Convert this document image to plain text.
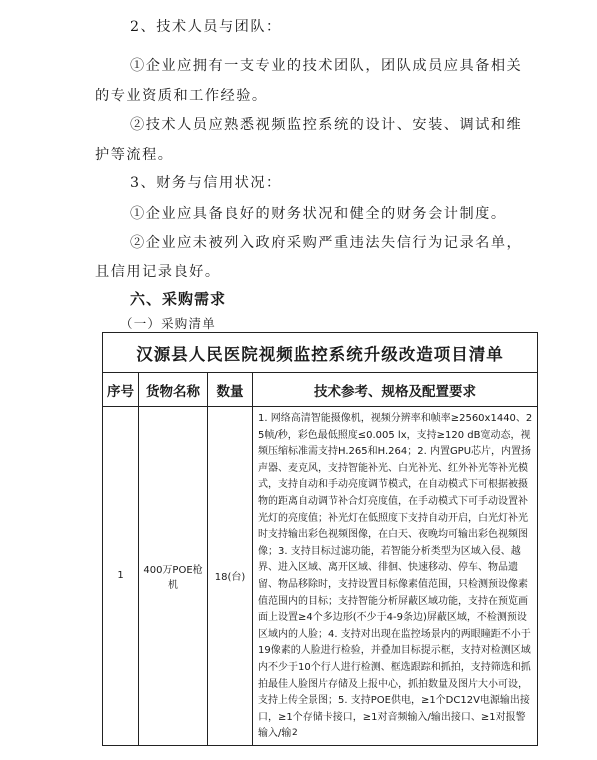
2、技术人员与团队：
①企业应拥有一支专业的技术团队，团队成员应具备相关
的专业资质和工作经验。
②技术人员应熟悉视频监控系统的设计、安装、调试和维
护等流程。
3、财务与信用状况：
①企业应具备良好的财务状况和健全的财务会计制度。
②企业应未被列入政府采购严重违法失信行为记录名单，
且信用记录良好。
六、采购需求
（一）采购清单
汉源县人民医院视频监控系统升级改造项目清单			
序号	货物名称	数量	技术参考、规格及配置要求
1	400万POE枪机	18(台)	1. 网络高清智能摄像机，视频分辨率和帧率≥2560x1440、25帧/秒，彩色最低照度≤0.005 lx，支持≥120 dB宽动态，视频压缩标准需支持H.265和H.264；2. 内置GPU芯片，内置扬声器、麦克风，支持智能补光、白光补光、红外补光等补光模式，支持自动和手动亮度调节模式，在自动模式下可根据被摄物的距离自动调节补合灯亮度值，在手动模式下可手动设置补光灯的亮度值；补光灯在低照度下支持自动开启，白光灯补光时支持输出彩色视频图像，在白天、夜晚均可输出彩色视频图像；3. 支持目标过滤功能，若智能分析类型为区域入侵、越界、进入区域、离开区域、徘徊、快速移动、停车、物品遗留、物品移除时，支持设置目标像素值范围，只检测预设像素值范围内的目标；支持智能分析屏蔽区域功能，支持在预览画面上设置≥4个多边形(不少于4-9条边)屏蔽区域，不检测预设区域内的人脸；4. 支持对出现在监控场景内的两眼瞳距不小于19像素的人脸进行检验，并叠加目标提示框，支持对检测区域内不少于10个行人进行检测、框选跟踪和抓拍，支持筛选和抓拍最佳人脸图片存储及上报中心，抓拍数量及图片大小可设，支持上传全景图；5. 支持POE供电，≥1个DC12V电源输出接口，≥1个存储卡接口，≥1对音频输入/输出接口、≥1对报警输入/输 2
